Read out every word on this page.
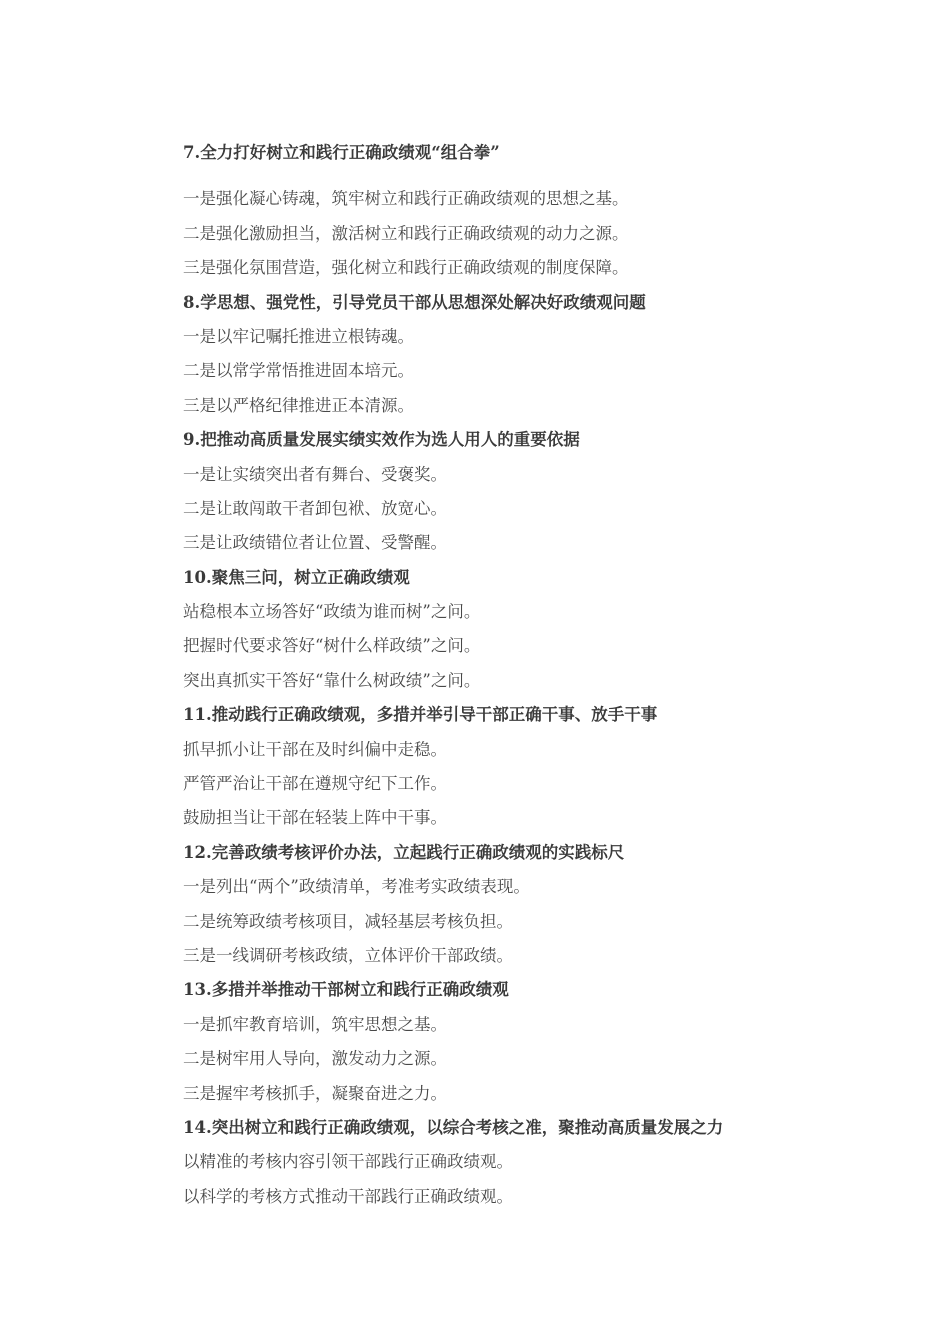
7.全力打好树立和践行正确政绩观“组合拳”
一是强化凝心铸魂，筑牢树立和践行正确政绩观的思想之基。
二是强化激励担当，激活树立和践行正确政绩观的动力之源。
三是强化氛围营造，强化树立和践行正确政绩观的制度保障。
8.学思想、强党性，引导党员干部从思想深处解决好政绩观问题
一是以牢记嘱托推进立根铸魂。
二是以常学常悟推进固本培元。
三是以严格纪律推进正本清源。
9.把推动高质量发展实绩实效作为选人用人的重要依据
一是让实绩突出者有舞台、受褒奖。
二是让敢闯敢干者卸包袱、放宽心。
三是让政绩错位者让位置、受警醒。
10.聚焦三问，树立正确政绩观
站稳根本立场答好“政绩为谁而树”之问。
把握时代要求答好“树什么样政绩”之问。
突出真抓实干答好“靠什么树政绩”之问。
11.推动践行正确政绩观，多措并举引导干部正确干事、放手干事
抓早抓小让干部在及时纠偏中走稳。
严管严治让干部在遵规守纪下工作。
鼓励担当让干部在轻装上阵中干事。
12.完善政绩考核评价办法，立起践行正确政绩观的实践标尺
一是列出“两个”政绩清单，考准考实政绩表现。
二是统筹政绩考核项目，减轻基层考核负担。
三是一线调研考核政绩，立体评价干部政绩。
13.多措并举推动干部树立和践行正确政绩观
一是抓牢教育培训，筑牢思想之基。
二是树牢用人导向，激发动力之源。
三是握牢考核抓手，凝聚奋进之力。
14.突出树立和践行正确政绩观，以综合考核之准，聚推动高质量发展之力
以精准的考核内容引领干部践行正确政绩观。
以科学的考核方式推动干部践行正确政绩观。
